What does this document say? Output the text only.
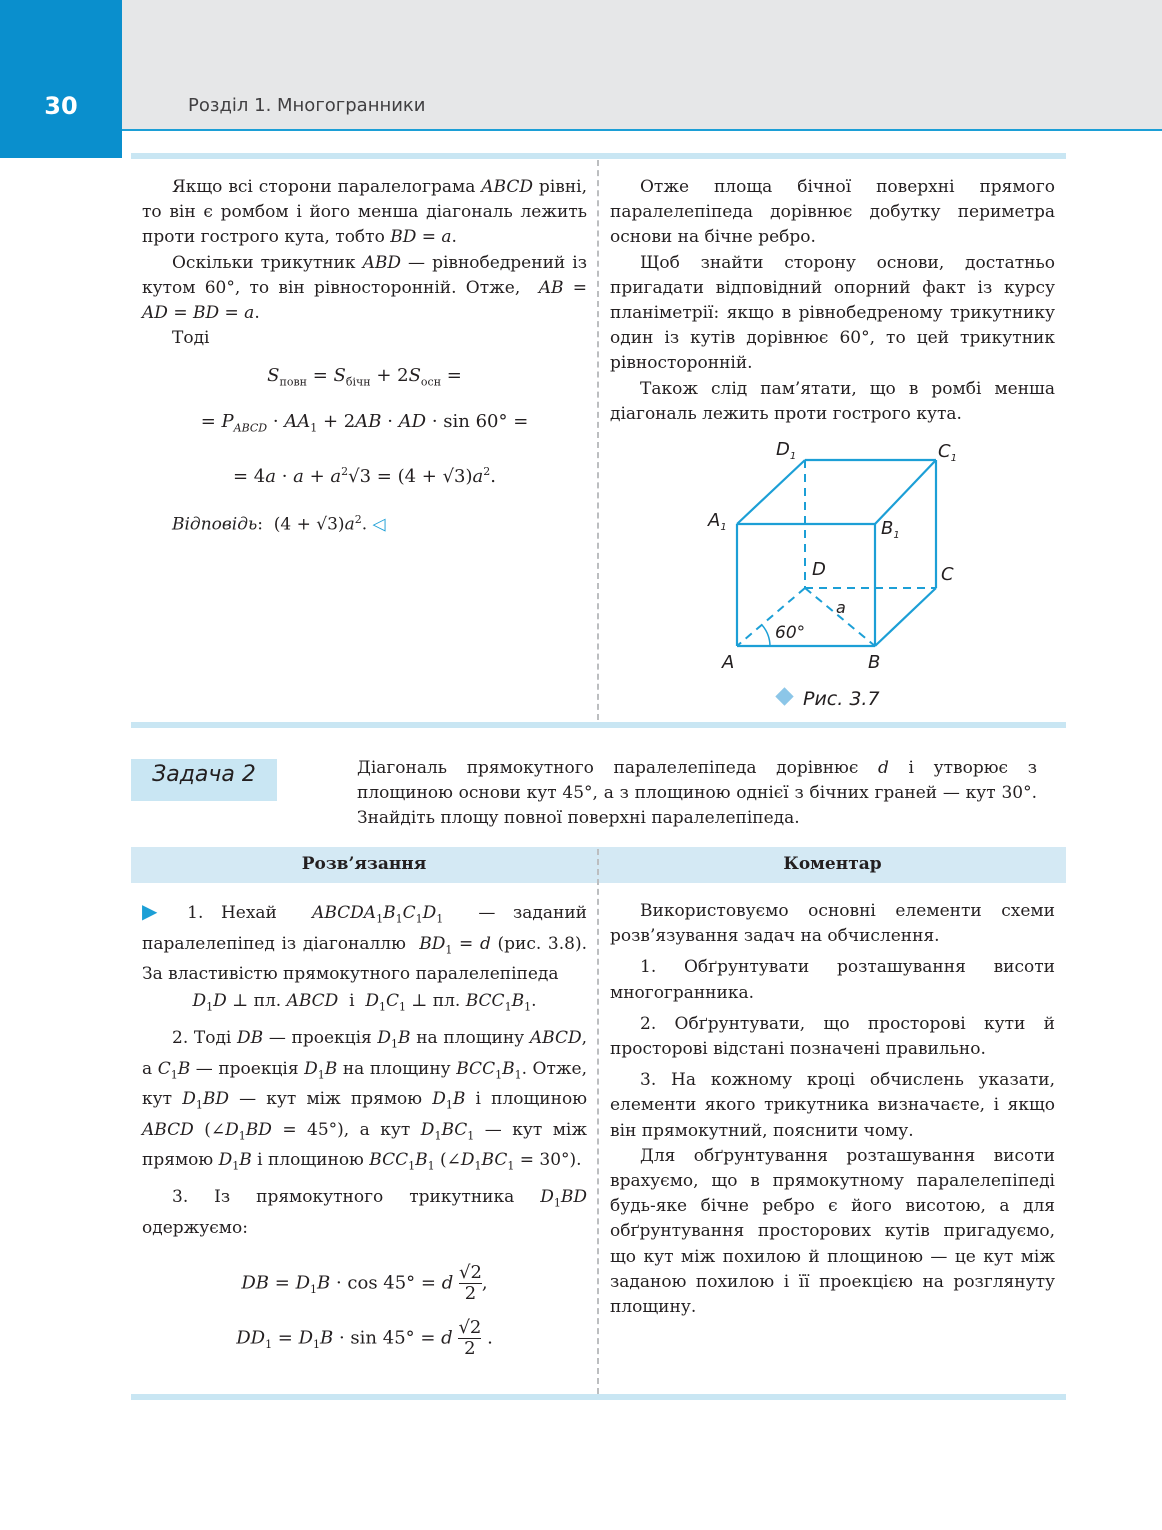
30	Розділ 1. Многогранники

Якщо всі сторони паралелограма ABCD рівні, то він є ромбом і його менша діагональ лежить проти гострого кута, тобто BD = a.

Оскільки трикутник ABD — рівнобедрений із кутом 60°, то він рівносторонній. Отже,  AB = AD = BD = a.

Тоді

$S_{повн} = S_{бічн} + 2S_{осн}$ =

= $P_{ABCD} \cdot AA_1 + 2AB$ · AD · sin 60° =

= $4a \cdot a + a^2√3 = (4 + √3)a^2$.

Відповідь:  $(4 + √3)a^2$. ◁

Отже площа бічної поверхні прямого паралелепіпеда дорівнює добутку периметра основи на бічне ребро.

Щоб знайти сторону основи, достатньо пригадати відповідний опорний факт із курсу планіметрії: якщо в рівнобедреному трикутнику один із кутів дорівнює 60°, то цей трикутник рівносторонній.

Також слід пам’ятати, що в ромбі менша діагональ лежить проти гострого кута.

$D_1$	$C_1$
$A_1$	$B_1$
D	C
A	B
a
60°
Рис. 3.7
Задача 2	Діагональ прямокутного паралелепіпеда дорівнює d і утворює з площиною основи кут 45°, а з площиною однієї з бічних граней — кут 30°. Знайдіть площу повної поверхні паралелепіпеда.

Розв’язання	Коментар

▶ 1. Нехай  $ABCDA_1B_1C_1D_1$  — заданий паралелепіпед із діагоналлю  $BD_1 = d$ (рис. 3.8). За властивістю прямокутного паралелепіпеда

$D_1D$ ⊥ пл. ABCD  і  $D_1C_1$ ⊥ пл. $BCC_1B_1$.

2. Тоді DB — проекція $D_1B$ на площину ABCD, а $C_1B$ — проекція $D_1B$ на площину $BCC_1B_1$. Отже, кут $D_1BD$ — кут між прямою $D_1B$ і площиною ABCD $(\angle D_1BD = 45^\circ)$, а кут $D_1BC_1$ — кут між прямою $D_1B$ і площиною $BCC_1B_1$ $(\angle D_1BC_1 = 30^\circ)$.

3. Із прямокутного трикутника $D_1BD$ одержуємо:

DB = $D_1B \cdot \cos 45^\circ = d \frac{√2}{2}$ ,

$DD_1 = D_1B \cdot \sin 45^\circ = d \frac{√2}{2}$ .

Використовуємо основні елементи схеми розв’язування задач на обчислення.

1. Обґрунтувати розташування висоти многогранника.

2. Обґрунтувати, що просторові кути й просторові відстані позначені правильно.

3. На кожному кроці обчислень указати, елементи якого трикутника визначаєте, і якщо він прямокутний, пояснити чому.

Для обґрунтування розташування висоти врахуємо, що в прямокутному паралелепіпеді будь-яке бічне ребро є його висотою, а для обґрунтування просторових кутів пригадуємо, що кут між похилою й площиною — це кут між заданою похилою і її проекцією на розглянуту площину.
